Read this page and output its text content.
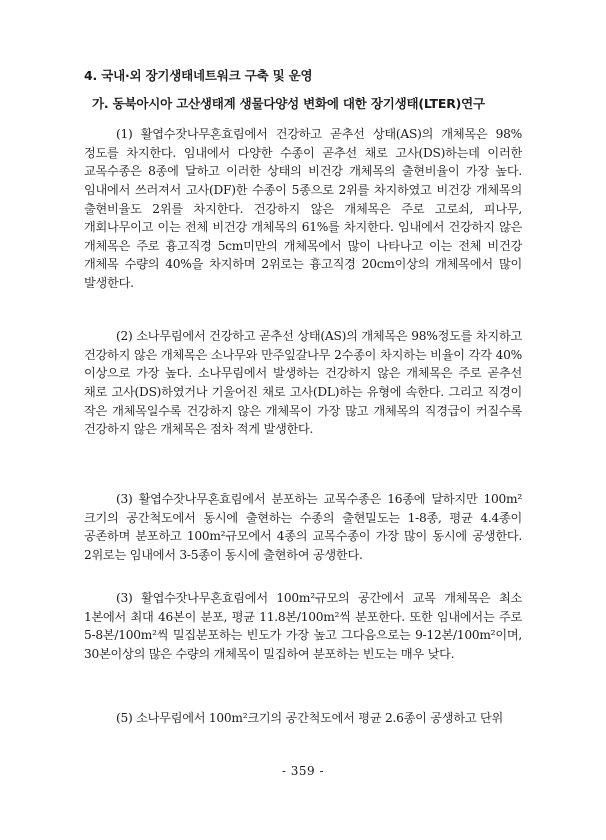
4. 국내·외 장기생태네트워크 구축 및 운영
가. 동북아시아 고산생태계 생물다양성 변화에 대한 장기생태(LTER)연구

(1) 활엽수잣나무혼효림에서 건강하고 곧추선 상태(AS)의 개체목은 98%정도를 차지한다. 임내에서 다양한 수종이 곧추선 채로 고사(DS)하는데 이러한 교목수종은 8종에 달하고 이러한 상태의 비건강 개체목의 출현비율이 가장 높다. 임내에서 쓰러져서 고사(DF)한 수종이 5종으로 2위를 차지하였고 비건강 개체목의 출현비율도 2위를 차지한다. 건강하지 않은 개체목은 주로 고로쇠, 피나무, 개회나무이고 이는 전체 비건강 개체목의 61%를 차지한다. 임내에서 건강하지 않은 개체목은 주로 흉고직경 5cm미만의 개체목에서 많이 나타나고 이는 전체 비건강 개체목 수량의 40%을 차지하며 2위로는 흉고직경 20cm이상의 개체목에서 많이 발생한다.

(2) 소나무림에서 건강하고 곧추선 상태(AS)의 개체목은 98%정도를 차지하고 건강하지 않은 개체목은 소나무와 만주잎갈나무 2수종이 차지하는 비율이 각각 40%이상으로 가장 높다. 소나무림에서 발생하는 건강하지 않은 개체목은 주로 곧추선 채로 고사(DS)하였거나 기울어진 채로 고사(DL)하는 유형에 속한다. 그리고 직경이 작은 개체목일수록 건강하지 않은 개체목이 가장 많고 개체목의 직경급이 커질수록 건강하지 않은 개체목은 점차 적게 발생한다.

(3) 활엽수잣나무혼효림에서 분포하는 교목수종은 16종에 달하지만 100m² 크기의 공간척도에서 동시에 출현하는 수종의 출현밀도는 1-8종, 평균 4.4종이 공존하며 분포하고 100m²규모에서 4종의 교목수종이 가장 많이 동시에 공생한다. 2위로는 임내에서 3-5종이 동시에 출현하여 공생한다.

(3) 활엽수잣나무혼효림에서 100m²규모의 공간에서 교목 개체목은 최소 1본에서 최대 46본이 분포, 평균 11.8본/100m²씩 분포한다. 또한 임내에서는 주로 5-8본/100m²씩 밀집분포하는 빈도가 가장 높고 그다음으로는 9-12본/100m²이며, 30본이상의 많은 수량의 개체목이 밀집하여 분포하는 빈도는 매우 낮다.

(5) 소나무림에서 100m²크기의 공간척도에서 평균 2.6종이 공생하고 단위

- 359 -
